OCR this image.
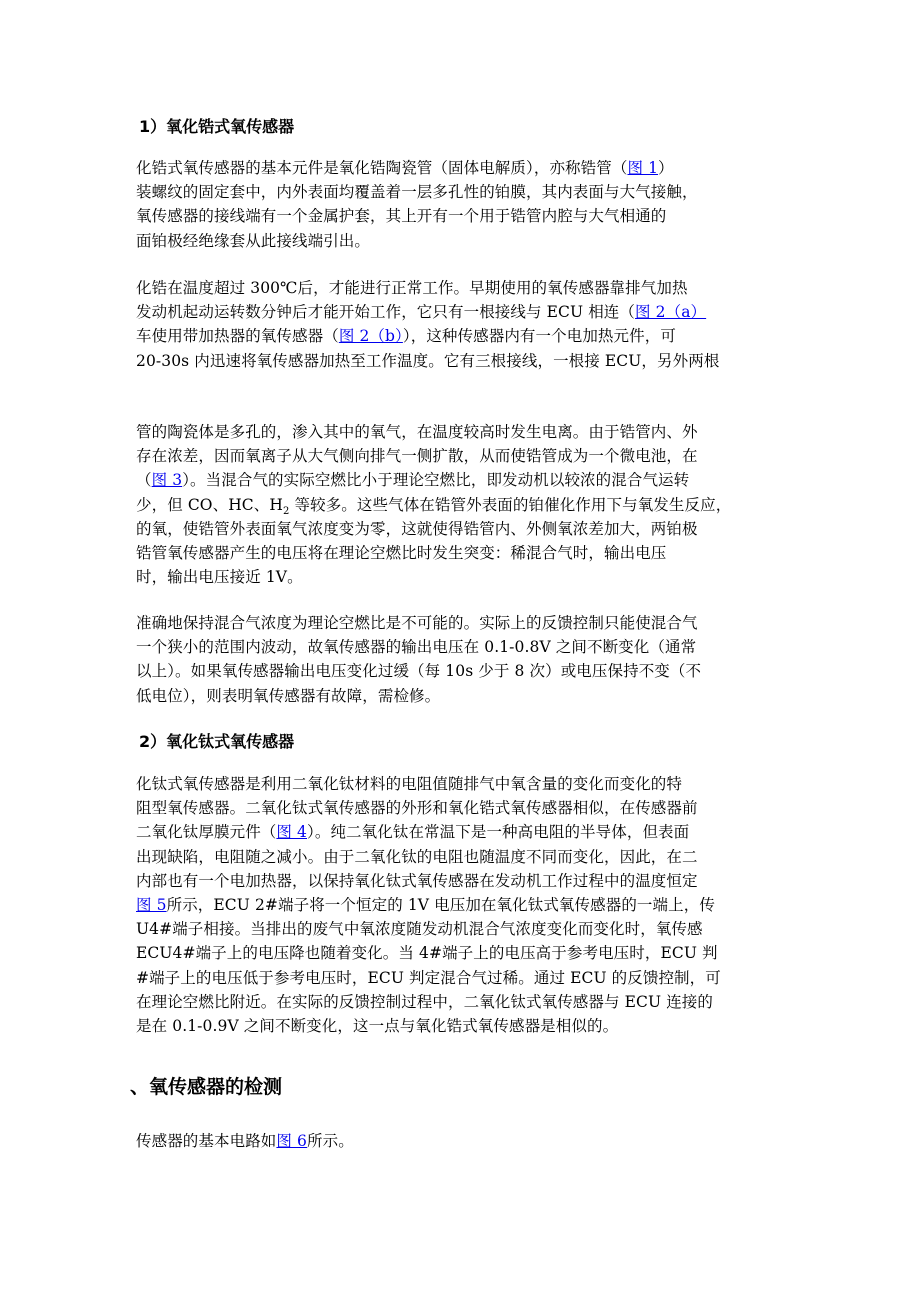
1）氧化锆式氧传感器
化锆式氧传感器的基本元件是氧化锆陶瓷管（固体电解质），亦称锆管（图 1）
装螺纹的固定套中，内外表面均覆盖着一层多孔性的铂膜，其内表面与大气接触，
氧传感器的接线端有一个金属护套，其上开有一个用于锆管内腔与大气相通的
面铂极经绝缘套从此接线端引出。
化锆在温度超过 300℃后，才能进行正常工作。早期使用的氧传感器靠排气加热
发动机起动运转数分钟后才能开始工作，它只有一根接线与 ECU 相连（图 2（a）
车使用带加热器的氧传感器（图 2（b）），这种传感器内有一个电加热元件，可
20-30s 内迅速将氧传感器加热至工作温度。它有三根接线，一根接 ECU，另外两根
管的陶瓷体是多孔的，渗入其中的氧气，在温度较高时发生电离。由于锆管内、外
存在浓差，因而氧离子从大气侧向排气一侧扩散，从而使锆管成为一个微电池，在
（图 3）。当混合气的实际空燃比小于理论空燃比，即发动机以较浓的混合气运转
少，但 CO、HC、$H_2$ 等较多。这些气体在锆管外表面的铂催化作用下与氧发生反应，
的氧，使锆管外表面氧气浓度变为零，这就使得锆管内、外侧氧浓差加大，两铂极
锆管氧传感器产生的电压将在理论空燃比时发生突变：稀混合气时，输出电压
时，输出电压接近 1V。
准确地保持混合气浓度为理论空燃比是不可能的。实际上的反馈控制只能使混合气
一个狭小的范围内波动，故氧传感器的输出电压在 0.1-0.8V 之间不断变化（通常
以上）。如果氧传感器输出电压变化过缓（每 10s 少于 8 次）或电压保持不变（不
低电位），则表明氧传感器有故障，需检修。
2）氧化钛式氧传感器
化钛式氧传感器是利用二氧化钛材料的电阻值随排气中氧含量的变化而变化的特
阻型氧传感器。二氧化钛式氧传感器的外形和氧化锆式氧传感器相似，在传感器前
二氧化钛厚膜元件（图 4）。纯二氧化钛在常温下是一种高电阻的半导体，但表面
出现缺陷，电阻随之减小。由于二氧化钛的电阻也随温度不同而变化，因此，在二
内部也有一个电加热器，以保持氧化钛式氧传感器在发动机工作过程中的温度恒定
图 5所示，ECU 2#端子将一个恒定的 1V 电压加在氧化钛式氧传感器的一端上，传
U4#端子相接。当排出的废气中氧浓度随发动机混合气浓度变化而变化时，氧传感
ECU4#端子上的电压降也随着变化。当 4#端子上的电压高于参考电压时，ECU 判
#端子上的电压低于参考电压时，ECU 判定混合气过稀。通过 ECU 的反馈控制，可
在理论空燃比附近。在实际的反馈控制过程中，二氧化钛式氧传感器与 ECU 连接的
是在 0.1-0.9V 之间不断变化，这一点与氧化锆式氧传感器是相似的。
、氧传感器的检测
传感器的基本电路如图 6所示。
